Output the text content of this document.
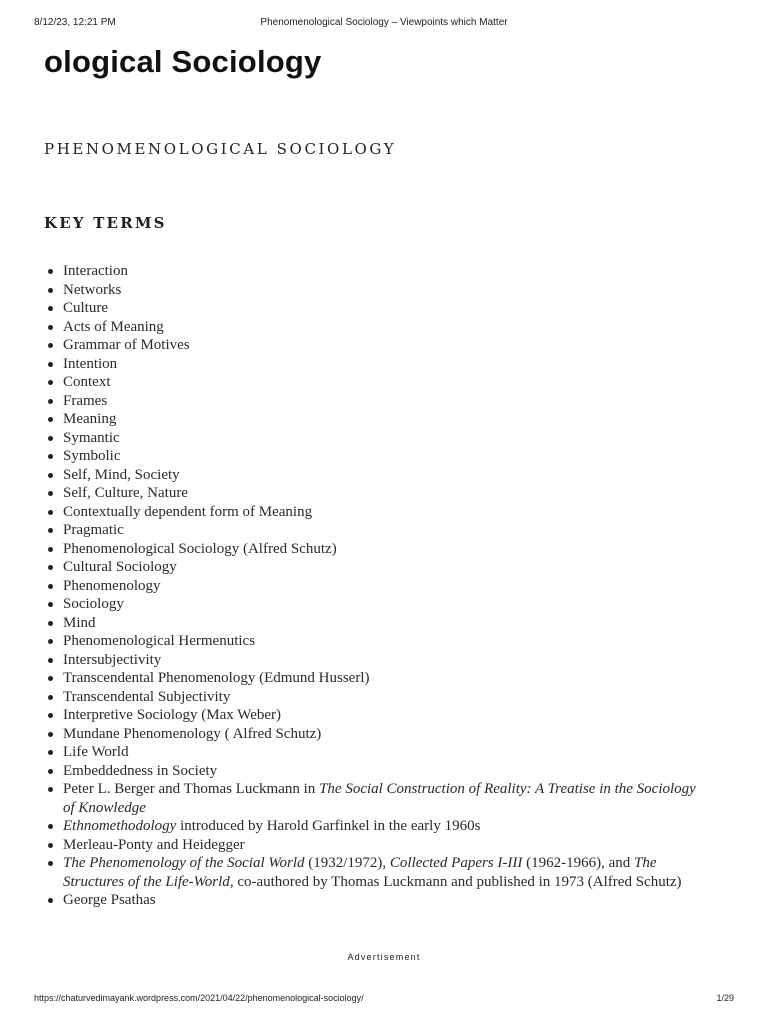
8/12/23, 12:21 PM	Phenomenological Sociology – Viewpoints which Matter
ological Sociology
PHENOMENOLOGICAL SOCIOLOGY
KEY TERMS
Interaction
Networks
Culture
Acts of Meaning
Grammar of Motives
Intention
Context
Frames
Meaning
Symantic
Symbolic
Self, Mind, Society
Self, Culture, Nature
Contextually dependent form of Meaning
Pragmatic
Phenomenological Sociology (Alfred Schutz)
Cultural Sociology
Phenomenology
Sociology
Mind
Phenomenological Hermenutics
Intersubjectivity
Transcendental Phenomenology (Edmund Husserl)
Transcendental Subjectivity
Interpretive Sociology (Max Weber)
Mundane Phenomenology ( Alfred Schutz)
Life World
Embeddedness in Society
Peter L. Berger and Thomas Luckmann in The Social Construction of Reality: A Treatise in the Sociology of Knowledge
Ethnomethodology introduced by Harold Garfinkel in the early 1960s
Merleau-Ponty and Heidegger
The Phenomenology of the Social World (1932/1972), Collected Papers I-III (1962-1966), and The Structures of the Life-World, co-authored by Thomas Luckmann and published in 1973 (Alfred Schutz)
George Psathas
Advertisement
https://chaturvedimayank.wordpress.com/2021/04/22/phenomenological-sociology/	1/29
